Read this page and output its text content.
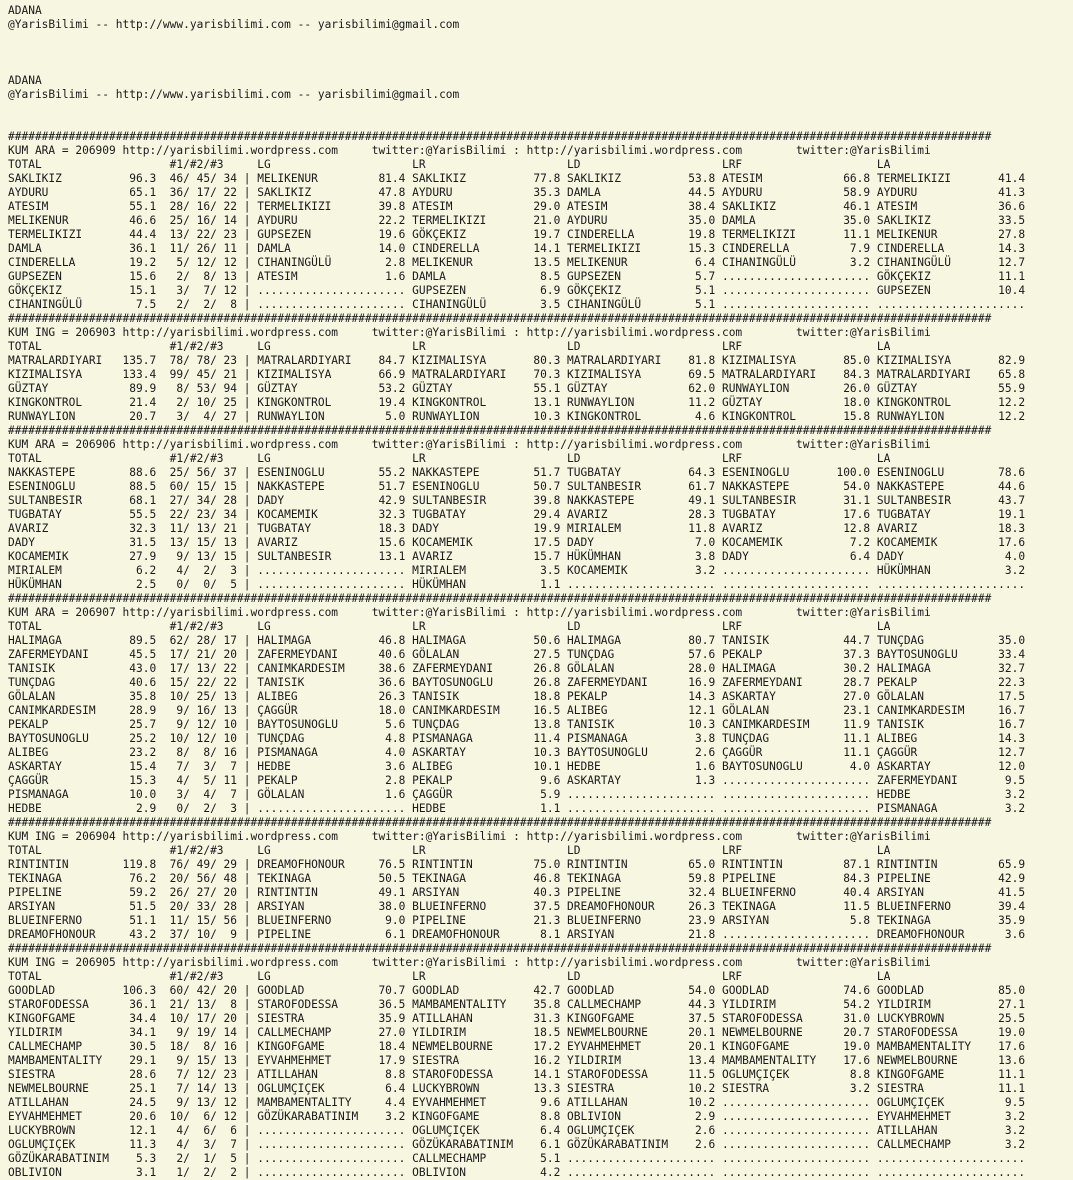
ADANA
@YarisBilimi -- http://www.yarisbilimi.com -- yarisbilimi@gmail.com
ADANA
@YarisBilimi -- http://www.yarisbilimi.com -- yarisbilimi@gmail.com
##################################################################################################################################################
KUM ARA = 206909 http://yarisbilimi.wordpress.com     twitter:@YarisBilimi : http://yarisbilimi.wordpress.com        twitter:@YarisBilimi
TOTAL                   #1/#2/#3     LG                     LR                     LD                     LRF                    LA
SAKLIKIZ          96.3  46/ 45/ 34 | MELIKENUR         81.4 SAKLIKIZ          77.8 SAKLIKIZ          53.8 ATESIM            66.8 TERMELIKIZI       41.4
AYDURU            65.1  36/ 17/ 22 | SAKLIKIZ          47.8 AYDURU            35.3 DAMLA             44.5 AYDURU            58.9 AYDURU            41.3
ATESIM            55.1  28/ 16/ 22 | TERMELIKIZI       39.8 ATESIM            29.0 ATESIM            38.4 SAKLIKIZ          46.1 ATESIM            36.6
MELIKENUR         46.6  25/ 16/ 14 | AYDURU            22.2 TERMELIKIZI       21.0 AYDURU            35.0 DAMLA             35.0 SAKLIKIZ          33.5
TERMELIKIZI       44.4  13/ 22/ 23 | GUPSEZEN          19.6 GÖKÇEKIZ          19.7 CINDERELLA        19.8 TERMELIKIZI       11.1 MELIKENUR         27.8
DAMLA             36.1  11/ 26/ 11 | DAMLA             14.0 CINDERELLA        14.1 TERMELIKIZI       15.3 CINDERELLA         7.9 CINDERELLA        14.3
CINDERELLA        19.2   5/ 12/ 12 | CIHANINGÜLÜ        2.8 MELIKENUR         13.5 MELIKENUR          6.4 CIHANINGÜLÜ        3.2 CIHANINGÜLÜ       12.7
GUPSEZEN          15.6   2/  8/ 13 | ATESIM             1.6 DAMLA              8.5 GUPSEZEN           5.7 ...................... GÖKÇEKIZ          11.1
GÖKÇEKIZ          15.1   3/  7/ 12 | ...................... GUPSEZEN           6.9 GÖKÇEKIZ           5.1 ...................... GUPSEZEN          10.4
CIHANINGÜLÜ        7.5   2/  2/  8 | ...................... CIHANINGÜLÜ        3.5 CIHANINGÜLÜ        5.1 ...................... ......................
##################################################################################################################################################
KUM ING = 206903 http://yarisbilimi.wordpress.com     twitter:@YarisBilimi : http://yarisbilimi.wordpress.com        twitter:@YarisBilimi
TOTAL                   #1/#2/#3     LG                     LR                     LD                     LRF                    LA
MATRALARDIYARI   135.7  78/ 78/ 23 | MATRALARDIYARI    84.7 KIZIMALISYA       80.3 MATRALARDIYARI    81.8 KIZIMALISYA       85.0 KIZIMALISYA       82.9
KIZIMALISYA      133.4  99/ 45/ 21 | KIZIMALISYA       66.9 MATRALARDIYARI    70.3 KIZIMALISYA       69.5 MATRALARDIYARI    84.3 MATRALARDIYARI    65.8
GÜZTAY            89.9   8/ 53/ 94 | GÜZTAY            53.2 GÜZTAY            55.1 GÜZTAY            62.0 RUNWAYLION        26.0 GÜZTAY            55.9
KINGKONTROL       21.4   2/ 10/ 25 | KINGKONTROL       19.4 KINGKONTROL       13.1 RUNWAYLION        11.2 GÜZTAY            18.0 KINGKONTROL       12.2
RUNWAYLION        20.7   3/  4/ 27 | RUNWAYLION         5.0 RUNWAYLION        10.3 KINGKONTROL        4.6 KINGKONTROL       15.8 RUNWAYLION        12.2
##################################################################################################################################################
KUM ARA = 206906 http://yarisbilimi.wordpress.com     twitter:@YarisBilimi : http://yarisbilimi.wordpress.com        twitter:@YarisBilimi
TOTAL                   #1/#2/#3     LG                     LR                     LD                     LRF                    LA
NAKKASTEPE        88.6  25/ 56/ 37 | ESENINOGLU        55.2 NAKKASTEPE        51.7 TUGBATAY          64.3 ESENINOGLU       100.0 ESENINOGLU        78.6
ESENINOGLU        88.5  60/ 15/ 15 | NAKKASTEPE        51.7 ESENINOGLU        50.7 SULTANBESIR       61.7 NAKKASTEPE        54.0 NAKKASTEPE        44.6
SULTANBESIR       68.1  27/ 34/ 28 | DADY              42.9 SULTANBESIR       39.8 NAKKASTEPE        49.1 SULTANBESIR       31.1 SULTANBESIR       43.7
TUGBATAY          55.5  22/ 23/ 34 | KOCAMEMIK         32.3 TUGBATAY          29.4 AVARIZ            28.3 TUGBATAY          17.6 TUGBATAY          19.1
AVARIZ            32.3  11/ 13/ 21 | TUGBATAY          18.3 DADY              19.9 MIRIALEM          11.8 AVARIZ            12.8 AVARIZ            18.3
DADY              31.5  13/ 15/ 13 | AVARIZ            15.6 KOCAMEMIK         17.5 DADY               7.0 KOCAMEMIK          7.2 KOCAMEMIK         17.6
KOCAMEMIK         27.9   9/ 13/ 15 | SULTANBESIR       13.1 AVARIZ            15.7 HÜKÜMHAN           3.8 DADY               6.4 DADY               4.0
MIRIALEM           6.2   4/  2/  3 | ...................... MIRIALEM           3.5 KOCAMEMIK          3.2 ...................... HÜKÜMHAN           3.2
HÜKÜMHAN           2.5   0/  0/  5 | ...................... HÜKÜMHAN           1.1 ...................... ...................... ......................
##################################################################################################################################################
KUM ARA = 206907 http://yarisbilimi.wordpress.com     twitter:@YarisBilimi : http://yarisbilimi.wordpress.com        twitter:@YarisBilimi
TOTAL                   #1/#2/#3     LG                     LR                     LD                     LRF                    LA
HALIMAGA          89.5  62/ 28/ 17 | HALIMAGA          46.8 HALIMAGA          50.6 HALIMAGA          80.7 TANISIK           44.7 TUNÇDAG           35.0
ZAFERMEYDANI      45.5  17/ 21/ 20 | ZAFERMEYDANI      40.6 GÖLALAN           27.5 TUNÇDAG           57.6 PEKALP            37.3 BAYTOSUNOGLU      33.4
TANISIK           43.0  17/ 13/ 22 | CANIMKARDESIM     38.6 ZAFERMEYDANI      26.8 GÖLALAN           28.0 HALIMAGA          30.2 HALIMAGA          32.7
TUNÇDAG           40.6  15/ 22/ 22 | TANISIK           36.6 BAYTOSUNOGLU      26.8 ZAFERMEYDANI      16.9 ZAFERMEYDANI      28.7 PEKALP            22.3
GÖLALAN           35.8  10/ 25/ 13 | ALIBEG            26.3 TANISIK           18.8 PEKALP            14.3 ASKARTAY          27.0 GÖLALAN           17.5
CANIMKARDESIM     28.9   9/ 16/ 13 | ÇAGGÜR            18.0 CANIMKARDESIM     16.5 ALIBEG            12.1 GÖLALAN           23.1 CANIMKARDESIM     16.7
PEKALP            25.7   9/ 12/ 10 | BAYTOSUNOGLU       5.6 TUNÇDAG           13.8 TANISIK           10.3 CANIMKARDESIM     11.9 TANISIK           16.7
BAYTOSUNOGLU      25.2  10/ 12/ 10 | TUNÇDAG            4.8 PISMANAGA         11.4 PISMANAGA          3.8 TUNÇDAG           11.1 ALIBEG            14.3
ALIBEG            23.2   8/  8/ 16 | PISMANAGA          4.0 ASKARTAY          10.3 BAYTOSUNOGLU       2.6 ÇAGGÜR            11.1 ÇAGGÜR            12.7
ASKARTAY          15.4   7/  3/  7 | HEDBE              3.6 ALIBEG            10.1 HEDBE              1.6 BAYTOSUNOGLU       4.0 ASKARTAY          12.0
ÇAGGÜR            15.3   4/  5/ 11 | PEKALP             2.8 PEKALP             9.6 ASKARTAY           1.3 ...................... ZAFERMEYDANI       9.5
PISMANAGA         10.0   3/  4/  7 | GÖLALAN            1.6 ÇAGGÜR             5.9 ...................... ...................... HEDBE              3.2
HEDBE              2.9   0/  2/  3 | ...................... HEDBE              1.1 ...................... ...................... PISMANAGA          3.2
##################################################################################################################################################
KUM ING = 206904 http://yarisbilimi.wordpress.com     twitter:@YarisBilimi : http://yarisbilimi.wordpress.com        twitter:@YarisBilimi
TOTAL                   #1/#2/#3     LG                     LR                     LD                     LRF                    LA
RINTINTIN        119.8  76/ 49/ 29 | DREAMOFHONOUR     76.5 RINTINTIN         75.0 RINTINTIN         65.0 RINTINTIN         87.1 RINTINTIN         65.9
TEKINAGA          76.2  20/ 56/ 48 | TEKINAGA          50.5 TEKINAGA          46.8 TEKINAGA          59.8 PIPELINE          84.3 PIPELINE          42.9
PIPELINE          59.2  26/ 27/ 20 | RINTINTIN         49.1 ARSIYAN           40.3 PIPELINE          32.4 BLUEINFERNO       40.4 ARSIYAN           41.5
ARSIYAN           51.5  20/ 33/ 28 | ARSIYAN           38.0 BLUEINFERNO       37.5 DREAMOFHONOUR     26.3 TEKINAGA          11.5 BLUEINFERNO       39.4
BLUEINFERNO       51.1  11/ 15/ 56 | BLUEINFERNO        9.0 PIPELINE          21.3 BLUEINFERNO       23.9 ARSIYAN            5.8 TEKINAGA          35.9
DREAMOFHONOUR     43.2  37/ 10/  9 | PIPELINE           6.1 DREAMOFHONOUR      8.1 ARSIYAN           21.8 ...................... DREAMOFHONOUR      3.6
##################################################################################################################################################
KUM ING = 206905 http://yarisbilimi.wordpress.com     twitter:@YarisBilimi : http://yarisbilimi.wordpress.com        twitter:@YarisBilimi
TOTAL                   #1/#2/#3     LG                     LR                     LD                     LRF                    LA
GOODLAD          106.3  60/ 42/ 20 | GOODLAD           70.7 GOODLAD           42.7 GOODLAD           54.0 GOODLAD           74.6 GOODLAD           85.0
STAROFODESSA      36.1  21/ 13/  8 | STAROFODESSA      36.5 MAMBAMENTALITY    35.8 CALLMECHAMP       44.3 YILDIRIM          54.2 YILDIRIM          27.1
KINGOFGAME        34.4  10/ 17/ 20 | SIESTRA           35.9 ATILLAHAN         31.3 KINGOFGAME        37.5 STAROFODESSA      31.0 LUCKYBROWN        25.5
YILDIRIM          34.1   9/ 19/ 14 | CALLMECHAMP       27.0 YILDIRIM          18.5 NEWMELBOURNE      20.1 NEWMELBOURNE      20.7 STAROFODESSA      19.0
CALLMECHAMP       30.5  18/  8/ 16 | KINGOFGAME        18.4 NEWMELBOURNE      17.2 EYVAHMEHMET       20.1 KINGOFGAME        19.0 MAMBAMENTALITY    17.6
MAMBAMENTALITY    29.1   9/ 15/ 13 | EYVAHMEHMET       17.9 SIESTRA           16.2 YILDIRIM          13.4 MAMBAMENTALITY    17.6 NEWMELBOURNE      13.6
SIESTRA           28.6   7/ 12/ 23 | ATILLAHAN          8.8 STAROFODESSA      14.1 STAROFODESSA      11.5 OGLUMÇIÇEK         8.8 KINGOFGAME        11.1
NEWMELBOURNE      25.1   7/ 14/ 13 | OGLUMÇIÇEK         6.4 LUCKYBROWN        13.3 SIESTRA           10.2 SIESTRA            3.2 SIESTRA           11.1
ATILLAHAN         24.5   9/ 13/ 12 | MAMBAMENTALITY     4.4 EYVAHMEHMET        9.6 ATILLAHAN         10.2 ...................... OGLUMÇIÇEK         9.5
EYVAHMEHMET       20.6  10/  6/ 12 | GÖZÜKARABATINIM    3.2 KINGOFGAME         8.8 OBLIVION           2.9 ...................... EYVAHMEHMET        3.2
LUCKYBROWN        12.1   4/  6/  6 | ...................... OGLUMÇIÇEK         6.4 OGLUMÇIÇEK         2.6 ...................... ATILLAHAN          3.2
OGLUMÇIÇEK        11.3   4/  3/  7 | ...................... GÖZÜKARABATINIM    6.1 GÖZÜKARABATINIM    2.6 ...................... CALLMECHAMP        3.2
GÖZÜKARABATINIM    5.3   2/  1/  5 | ...................... CALLMECHAMP        5.1 ...................... ...................... ......................
OBLIVION           3.1   1/  2/  2 | ...................... OBLIVION           4.2 ...................... ...................... ......................
